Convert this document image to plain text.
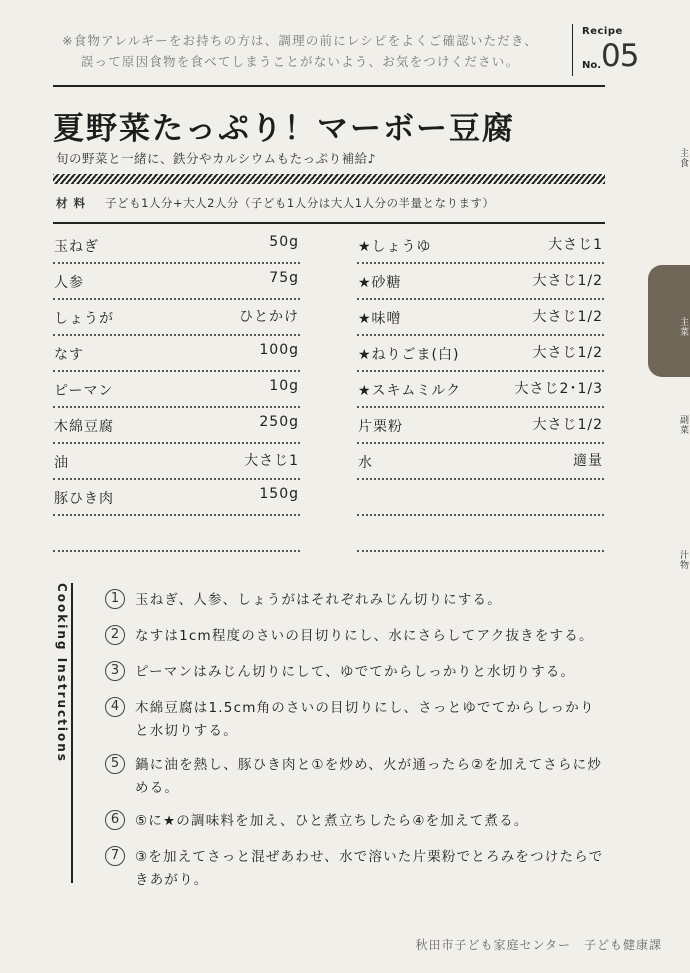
※食物アレルギーをお持ちの方は、調理の前にレシピをよくご確認いただき、
誤って原因食物を食べてしまうことがないよう、お気をつけください。
Recipe
No. 05
夏野菜たっぷり！マーボー豆腐

旬の野菜と一緒に、鉄分やカルシウムもたっぷり補給♪

材料 子ども1人分+大人2人分（子ども1人分は大人1人分の半量となります）
玉ねぎ	50g
人参	75g
しょうが	ひとかけ
なす	100g
ピーマン	10g
木綿豆腐	250g
油	大さじ1
豚ひき肉	150g
★しょうゆ	大さじ1
★砂糖	大さじ1/2
★味噌	大さじ1/2
★ねりごま(白)	大さじ1/2
★スキムミルク	大さじ2･1/3
片栗粉	大さじ1/2
水	適量
Cooking Instructions	1	玉ねぎ、人参、しょうがはそれぞれみじん切りにする。
2	なすは1cm程度のさいの目切りにし、水にさらしてアク抜きをする。
3	ピーマンはみじん切りにして、ゆでてからしっかりと水切りする。
4	木綿豆腐は1.5cm角のさいの目切りにし、さっとゆでてからしっかりと水切りする。
5	鍋に油を熱し、豚ひき肉と①を炒め、火が通ったら②を加えてさらに炒める。
6	⑤に★の調味料を加え、ひと煮立ちしたら④を加えて煮る。
7	③を加えてさっと混ぜあわせ、水で溶いた片栗粉でとろみをつけたらできあがり。
主食
主菜
副菜
汁物
秋田市子ども家庭センター　子ども健康課
